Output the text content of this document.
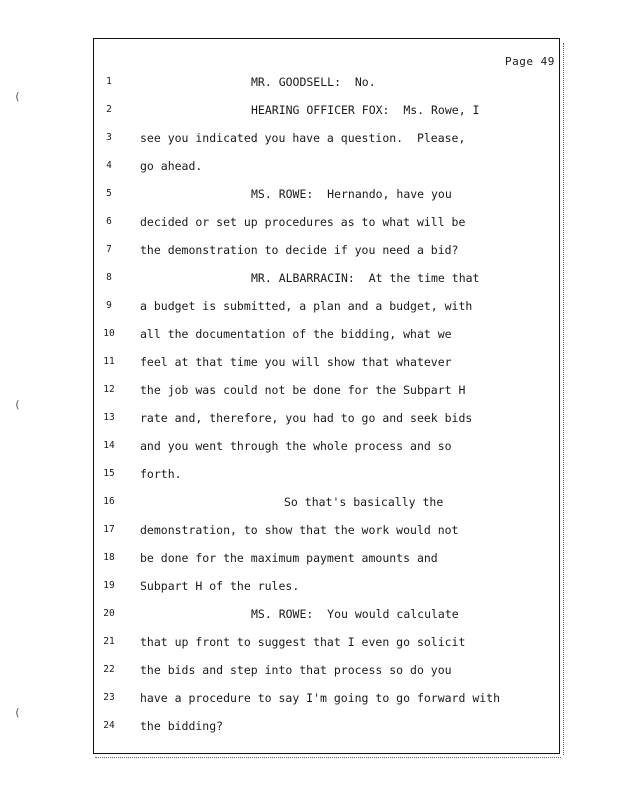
Page 49
(
(
(
1	MR. GOODSELL:  No.
2	HEARING OFFICER FOX:  Ms. Rowe, I
3	see you indicated you have a question.  Please,
4	go ahead.
5	MS. ROWE:  Hernando, have you
6	decided or set up procedures as to what will be
7	the demonstration to decide if you need a bid?
8	MR. ALBARRACIN:  At the time that
9	a budget is submitted, a plan and a budget, with
10	all the documentation of the bidding, what we
11	feel at that time you will show that whatever
12	the job was could not be done for the Subpart H
13	rate and, therefore, you had to go and seek bids
14	and you went through the whole process and so
15	forth.
16	So that's basically the
17	demonstration, to show that the work would not
18	be done for the maximum payment amounts and
19	Subpart H of the rules.
20	MS. ROWE:  You would calculate
21	that up front to suggest that I even go solicit
22	the bids and step into that process so do you
23	have a procedure to say I'm going to go forward with
24	the bidding?
